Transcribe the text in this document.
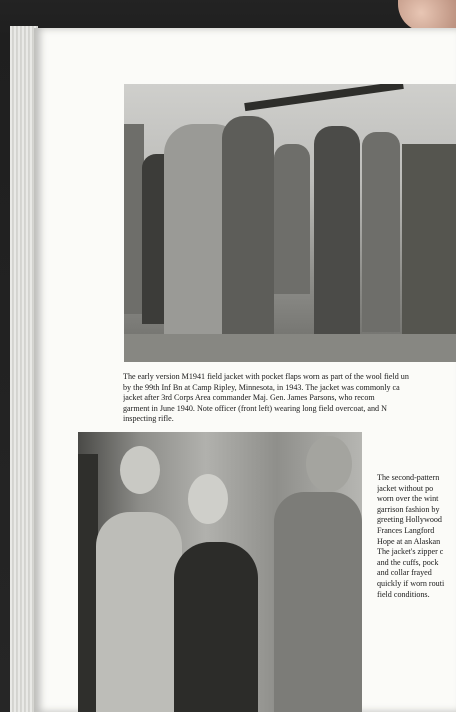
The early version M1941 field jacket with pocket flaps worn as part of the wool field un
by the 99th Inf Bn at Camp Ripley, Minnesota, in 1943. The jacket was commonly ca
jacket after 3rd Corps Area commander Maj. Gen. James Parsons, who recom
garment in June 1940. Note officer (front left) wearing long field overcoat, and N
inspecting rifle.
The second-pattern
jacket without po
worn over the wint
garrison fashion by
greeting Hollywood
Frances Langford
Hope at an Alaskan
The jacket's zipper c
and the cuffs, pock
and collar frayed
quickly if worn routi
field conditions.
